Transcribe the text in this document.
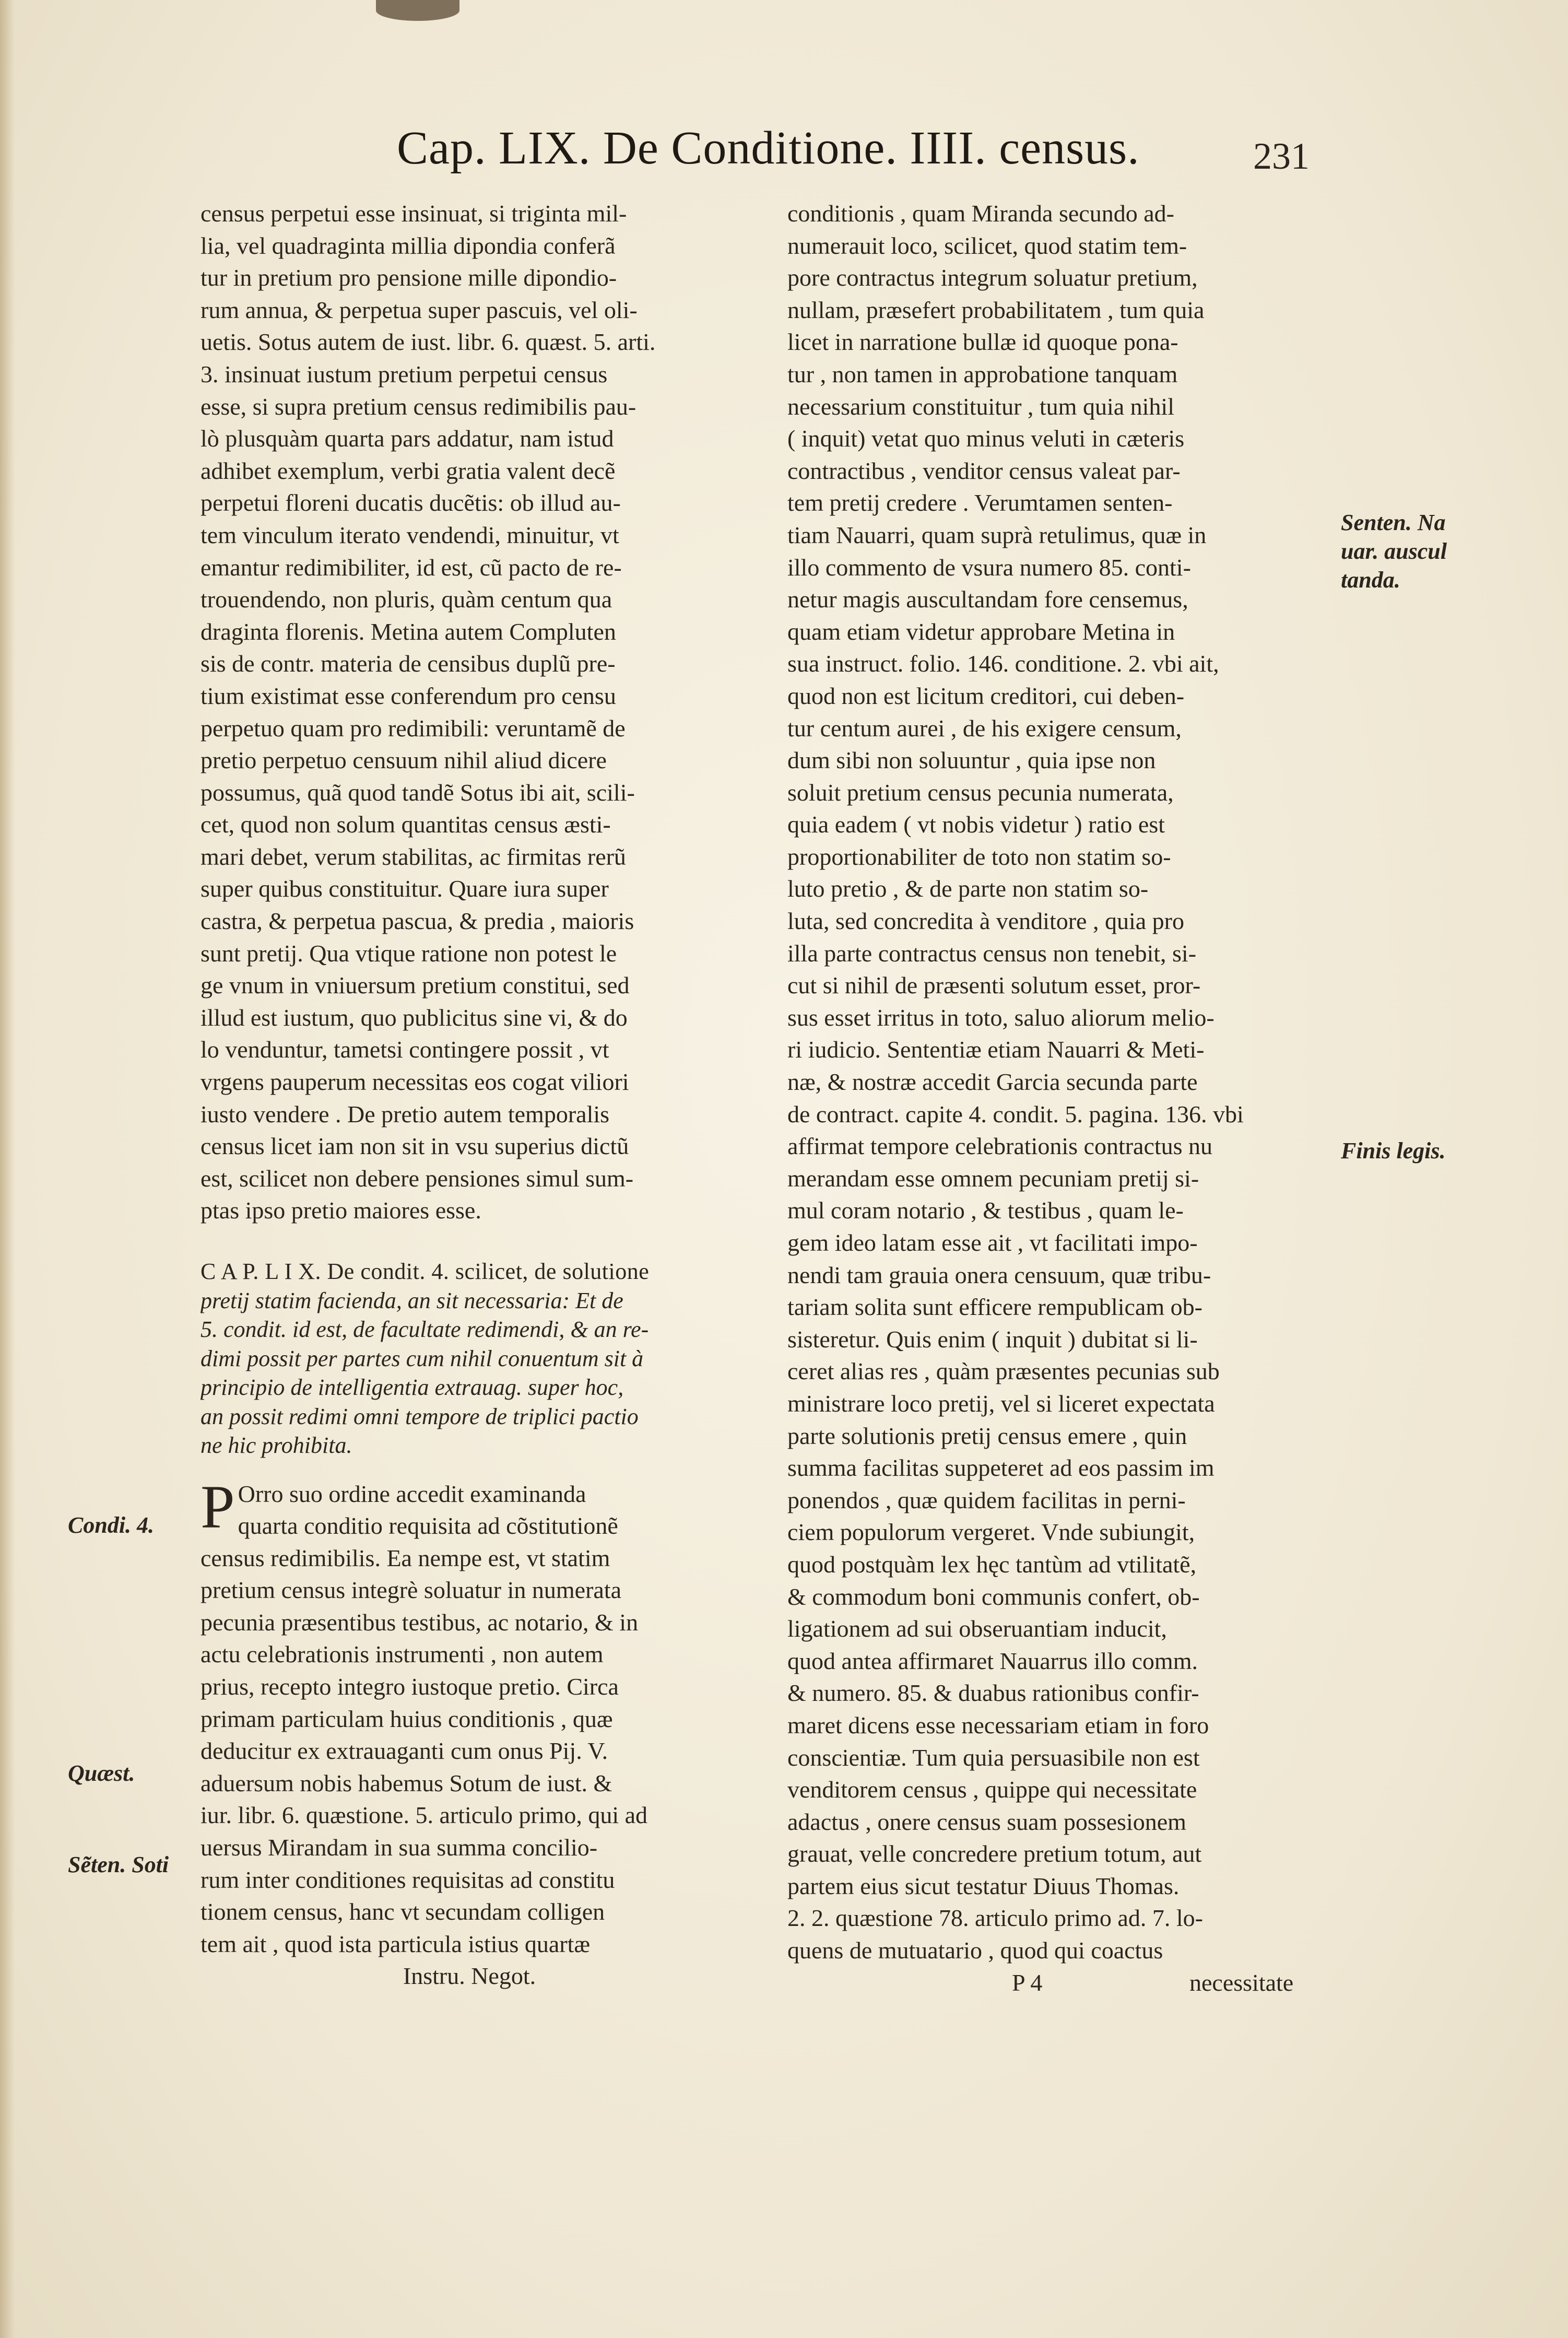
Cap. LIX. De Conditione. IIII. census.	231
census perpetui esse insinuat, si triginta mil-
lia, vel quadraginta millia dipondia conferã
tur in pretium pro pensione mille dipondio-
rum annua, & perpetua super pascuis, vel oli-
uetis. Sotus autem de iust. libr. 6. quæst. 5. arti.
3. insinuat iustum pretium perpetui census
esse, si supra pretium census redimibilis pau-
lò plusquàm quarta pars addatur, nam istud
adhibet exemplum, verbi gratia valent decẽ
perpetui floreni ducatis ducẽtis: ob illud au-
tem vinculum iterato vendendi, minuitur, vt
emantur redimibiliter, id est, cũ pacto de re-
trouendendo, non pluris, quàm centum qua
draginta florenis. Metina autem Compluten
sis de contr. materia de censibus duplũ pre-
tium existimat esse conferendum pro censu
perpetuo quam pro redimibili: veruntamẽ de
pretio perpetuo censuum nihil aliud dicere
possumus, quã quod tandẽ Sotus ibi ait, scili-
cet, quod non solum quantitas census æsti-
mari debet, verum stabilitas, ac firmitas rerũ
super quibus constituitur. Quare iura super
castra, & perpetua pascua, & predia , maioris
sunt pretij. Qua vtique ratione non potest le
ge vnum in vniuersum pretium constitui, sed
illud est iustum, quo publicitus sine vi, & do
lo venduntur, tametsi contingere possit , vt
vrgens pauperum necessitas eos cogat viliori
iusto vendere . De pretio autem temporalis
census licet iam non sit in vsu superius dictũ
est, scilicet non debere pensiones simul sum-
ptas ipso pretio maiores esse.
C A P. L I X. De condit. 4. scilicet, de solutione
pretij statim facienda, an sit necessaria: Et de
5. condit. id est, de facultate redimendi, & an re-
dimi possit per partes cum nihil conuentum sit à
principio de intelligentia extrauag. super hoc,
an possit redimi omni tempore de triplici pactio
ne hic prohibita.
P Orro suo ordine accedit examinanda
quarta conditio requisita ad cõstitutionẽ
census redimibilis. Ea nempe est, vt statim
pretium census integrè soluatur in numerata
pecunia præsentibus testibus, ac notario, & in
actu celebrationis instrumenti , non autem
prius, recepto integro iustoque pretio. Circa
primam particulam huius conditionis , quæ
deducitur ex extrauaganti cum onus Pij. V.
aduersum nobis habemus Sotum de iust. &
iur. libr. 6. quæstione. 5. articulo primo, qui ad
uersus Mirandam in sua summa concilio-
rum inter conditiones requisitas ad constitu
tionem census, hanc vt secundam colligen
tem ait , quod ista particula istius quartæ
Instru. Negot.
conditionis , quam Miranda secundo ad-
numerauit loco, scilicet, quod statim tem-
pore contractus integrum soluatur pretium,
nullam, præsefert probabilitatem , tum quia
licet in narratione bullæ id quoque pona-
tur , non tamen in approbatione tanquam
necessarium constituitur , tum quia nihil
( inquit) vetat quo minus veluti in cæteris
contractibus , venditor census valeat par-
tem pretij credere . Verumtamen senten-
tiam Nauarri, quam suprà retulimus, quæ in
illo commento de vsura numero 85. conti-
netur magis auscultandam fore censemus,
quam etiam videtur approbare Metina in
sua instruct. folio. 146. conditione. 2. vbi ait,
quod non est licitum creditori, cui deben-
tur centum aurei , de his exigere censum,
dum sibi non soluuntur , quia ipse non
soluit pretium census pecunia numerata,
quia eadem ( vt nobis videtur ) ratio est
proportionabiliter de toto non statim so-
luto pretio , & de parte non statim so-
luta, sed concredita à venditore , quia pro
illa parte contractus census non tenebit, si-
cut si nihil de præsenti solutum esset, pror-
sus esset irritus in toto, saluo aliorum melio-
ri iudicio. Sententiæ etiam Nauarri & Meti-
næ, & nostræ accedit Garcia secunda parte
de contract. capite 4. condit. 5. pagina. 136. vbi
affirmat tempore celebrationis contractus nu
merandam esse omnem pecuniam pretij si-
mul coram notario , & testibus , quam le-
gem ideo latam esse ait , vt facilitati impo-
nendi tam grauia onera censuum, quæ tribu-
tariam solita sunt efficere rempublicam ob-
sisteretur. Quis enim ( inquit ) dubitat si li-
ceret alias res , quàm præsentes pecunias sub
ministrare loco pretij, vel si liceret expectata
parte solutionis pretij census emere , quin
summa facilitas suppeteret ad eos passim im
ponendos , quæ quidem facilitas in perni-
ciem populorum vergeret. Vnde subiungit,
quod postquàm lex hęc tantùm ad vtilitatẽ,
& commodum boni communis confert, ob-
ligationem ad sui obseruantiam inducit,
quod antea affirmaret Nauarrus illo comm.
& numero. 85. & duabus rationibus confir-
maret dicens esse necessariam etiam in foro
conscientiæ. Tum quia persuasibile non est
venditorem census , quippe qui necessitate
adactus , onere census suam possesionem
grauat, velle concredere pretium totum, aut
partem eius sicut testatur Diuus Thomas.
2. 2. quæstione 78. articulo primo ad. 7. lo-
quens de mutuatario , quod qui coactus
P 4	necessitate
Senten. Na
uar. auscul
tanda.
Finis legis.
Condi. 4.
Quæst.
Sẽten. Soti
